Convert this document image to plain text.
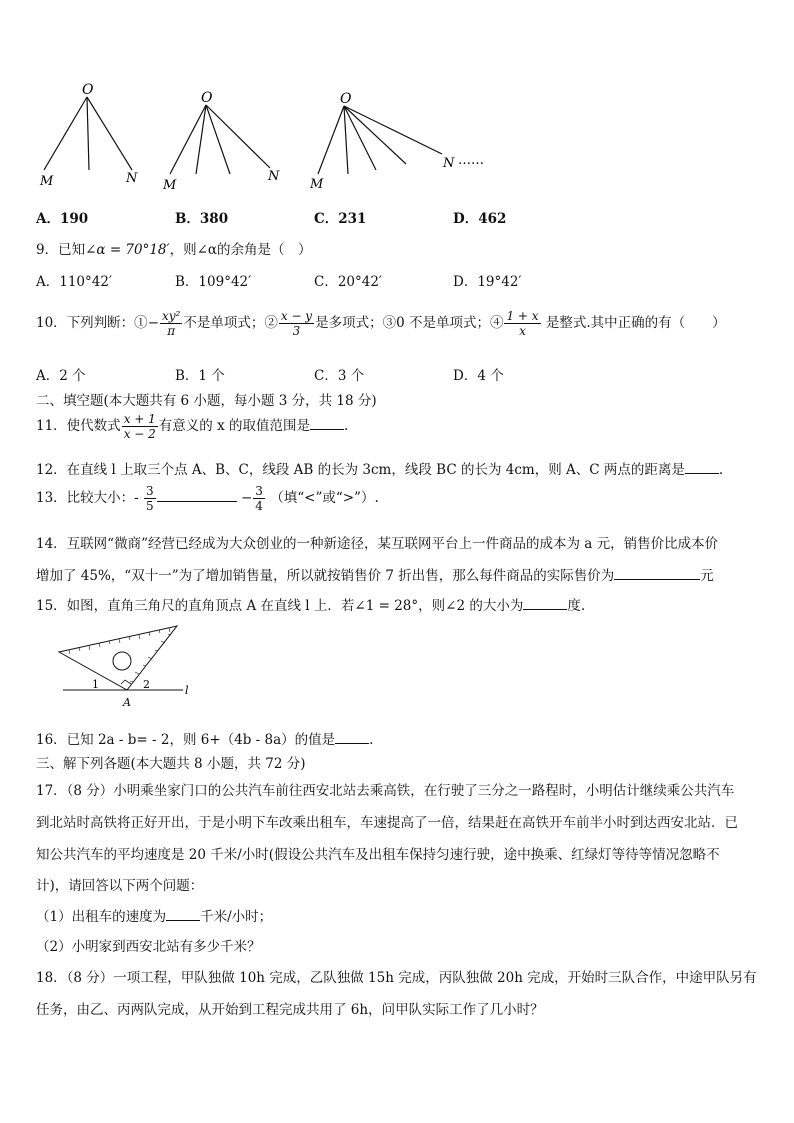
O
M	N
O
M
N
O
M
N ……
A．190	B．380	C．231	D．462
9．已知∠α = 70°18′，则∠α的余角是（　）
A．110°42′	B．109°42′	C．20°42′	D．19°42′
10．下列判断：①− $\frac{\text{xy²}}{\pi}$ 不是单项式；② $\frac{x - y}{3}$ 是多项式；③0 不是单项式；④ $\frac{1 + x}{x}$ 是整式.其中正确的有（　　）
A．2 个	B．1 个	C．3 个	D．4 个
二、填空题(本大题共有 6 小题，每小题 3 分，共 18 分)
11．使代数式 $\frac{x + 1}{x - 2}$ 有意义的 x 的取值范围是	.
12．在直线 l 上取三个点 A、B、C，线段 AB 的长为 3cm，线段 BC 的长为 4cm，则 A、C 两点的距离是	.
13．比较大小：- $\frac{3}{5}$	− $\frac{3}{4}$ （填“<”或“>”）.
14．互联网“微商”经营已经成为大众创业的一种新途径，某互联网平台上一件商品的成本为 a 元，销售价比成本价
增加了 45%，“双十一”为了增加销售量，所以就按销售价 7 折出售，那么每件商品的实际售价为	元
15．如图，直角三角尺的直角顶点 A 在直线 l 上．若∠1 = 28°，则∠2 的大小为	度.
1	2
A
l
16．已知 2a - b= - 2，则 6+（4b - 8a）的值是	.
三、解下列各题(本大题共 8 小题，共 72 分)
17．（8 分）小明乘坐家门口的公共汽车前往西安北站去乘高铁，在行驶了三分之一路程时，小明估计继续乘公共汽车
到北站时高铁将正好开出，于是小明下车改乘出租车，车速提高了一倍，结果赶在高铁开车前半小时到达西安北站．已
知公共汽车的平均速度是 20 千米/小时(假设公共汽车及出租车保持匀速行驶，途中换乘、红绿灯等待等情况忽略不
计)，请回答以下两个问题：
（1）出租车的速度为	千米/小时；
（2）小明家到西安北站有多少千米？
18．（8 分）一项工程，甲队独做 10h 完成，乙队独做 15h 完成，丙队独做 20h 完成，开始时三队合作，中途甲队另有
任务，由乙、丙两队完成，从开始到工程完成共用了 6h，问甲队实际工作了几小时？
